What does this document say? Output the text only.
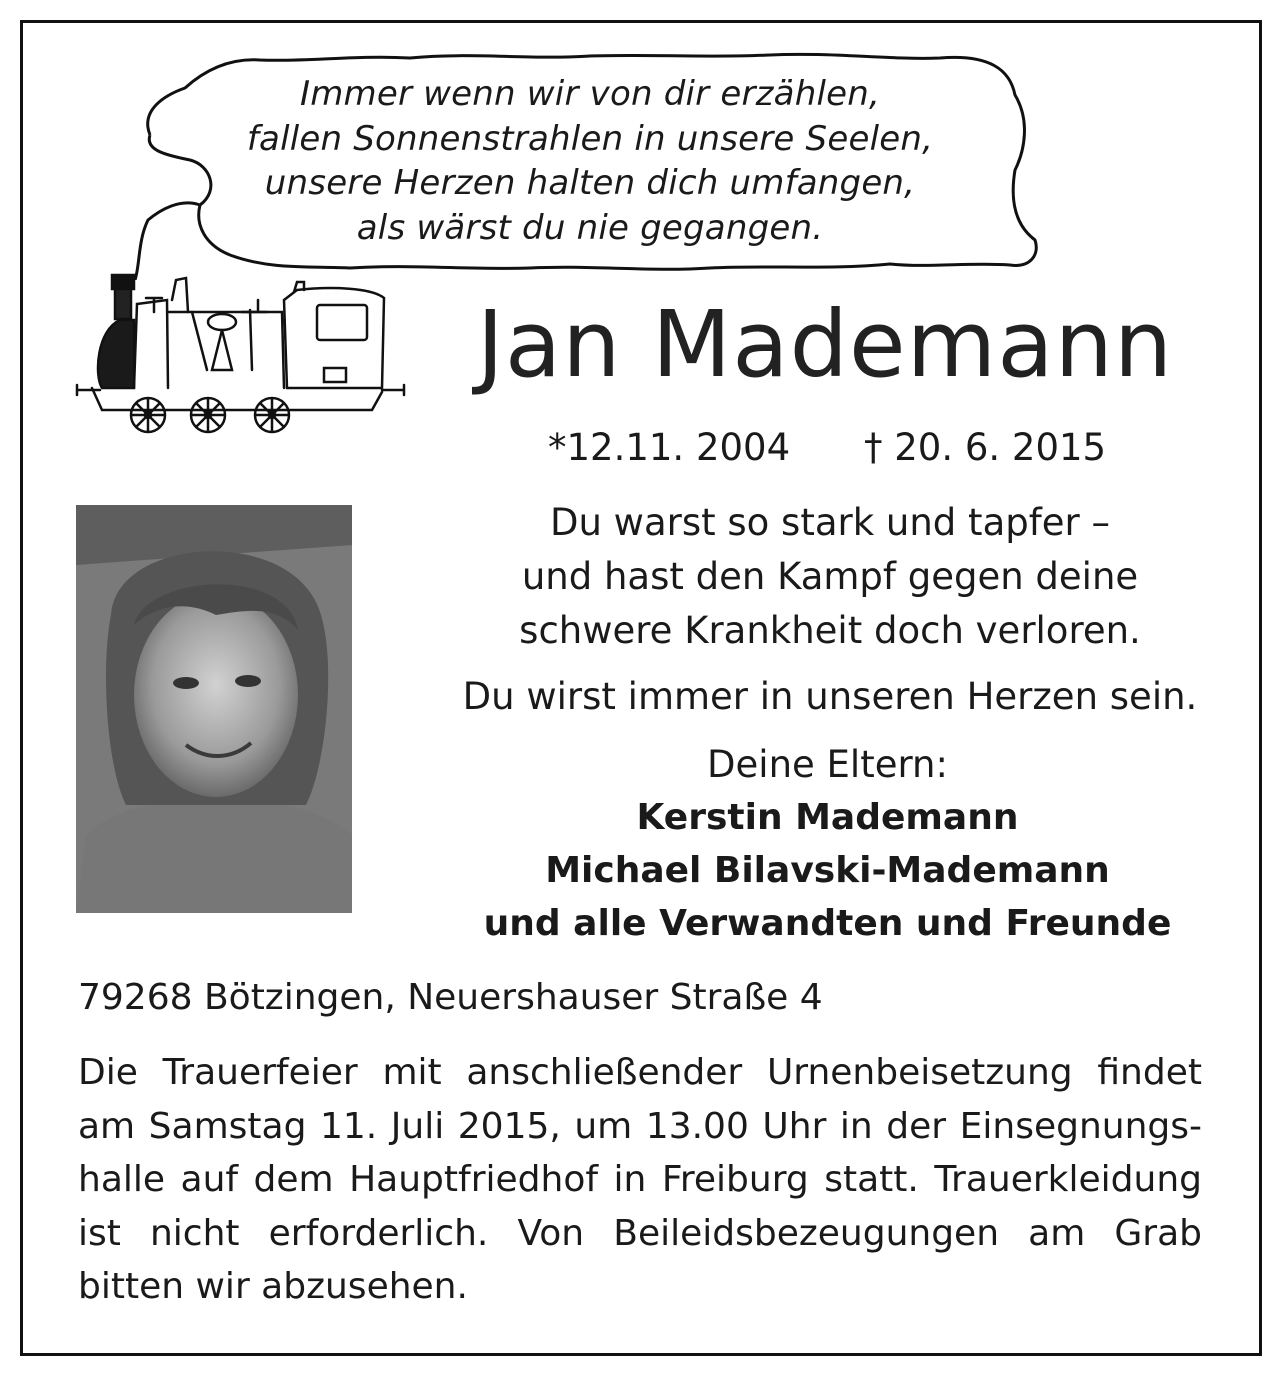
Immer wenn wir von dir erzählen,
fallen Sonnenstrahlen in unsere Seelen,
unsere Herzen halten dich umfangen,
als wärst du nie gegangen.
Jan Mademann
*12.11. 2004 † 20. 6. 2015
Du warst so stark und tapfer –
und hast den Kampf gegen deine
schwere Krankheit doch verloren.
Du wirst immer in unseren Herzen sein.
Deine Eltern:
Kerstin Mademann
Michael Bilavski-Mademann
und alle Verwandten und Freunde
79268 Bötzingen, Neuershauser Straße 4
Die Trauerfeier mit anschließender Urnenbeisetzung findet
am Samstag 11. Juli 2015, um 13.00 Uhr in der Einsegnungs-
halle auf dem Hauptfriedhof in Freiburg statt. Trauerkleidung
ist nicht erforderlich. Von Beileidsbezeugungen am Grab
bitten wir abzusehen.
